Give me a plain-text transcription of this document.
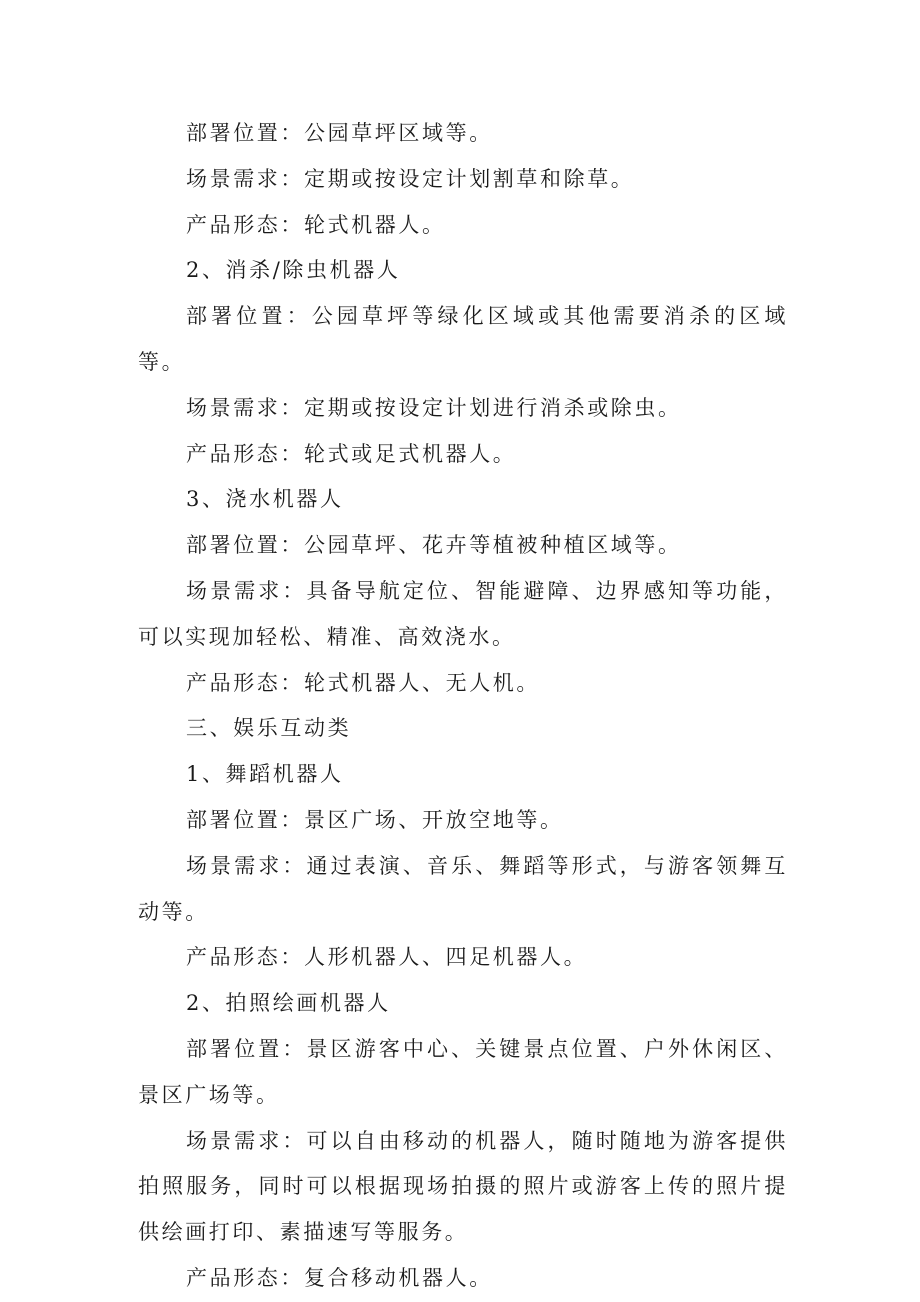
部署位置：公园草坪区域等。

场景需求：定期或按设定计划割草和除草。

产品形态：轮式机器人。

2、消杀/除虫机器人

部署位置：公园草坪等绿化区域或其他需要消杀的区域等。

场景需求：定期或按设定计划进行消杀或除虫。

产品形态：轮式或足式机器人。

3、浇水机器人

部署位置：公园草坪、花卉等植被种植区域等。

场景需求：具备导航定位、智能避障、边界感知等功能，可以实现加轻松、精准、高效浇水。

产品形态：轮式机器人、无人机。

三、娱乐互动类

1、舞蹈机器人

部署位置：景区广场、开放空地等。

场景需求：通过表演、音乐、舞蹈等形式，与游客领舞互动等。

产品形态：人形机器人、四足机器人。

2、拍照绘画机器人

部署位置：景区游客中心、关键景点位置、户外休闲区、景区广场等。

场景需求：可以自由移动的机器人，随时随地为游客提供拍照服务，同时可以根据现场拍摄的照片或游客上传的照片提供绘画打印、素描速写等服务。

产品形态：复合移动机器人。
